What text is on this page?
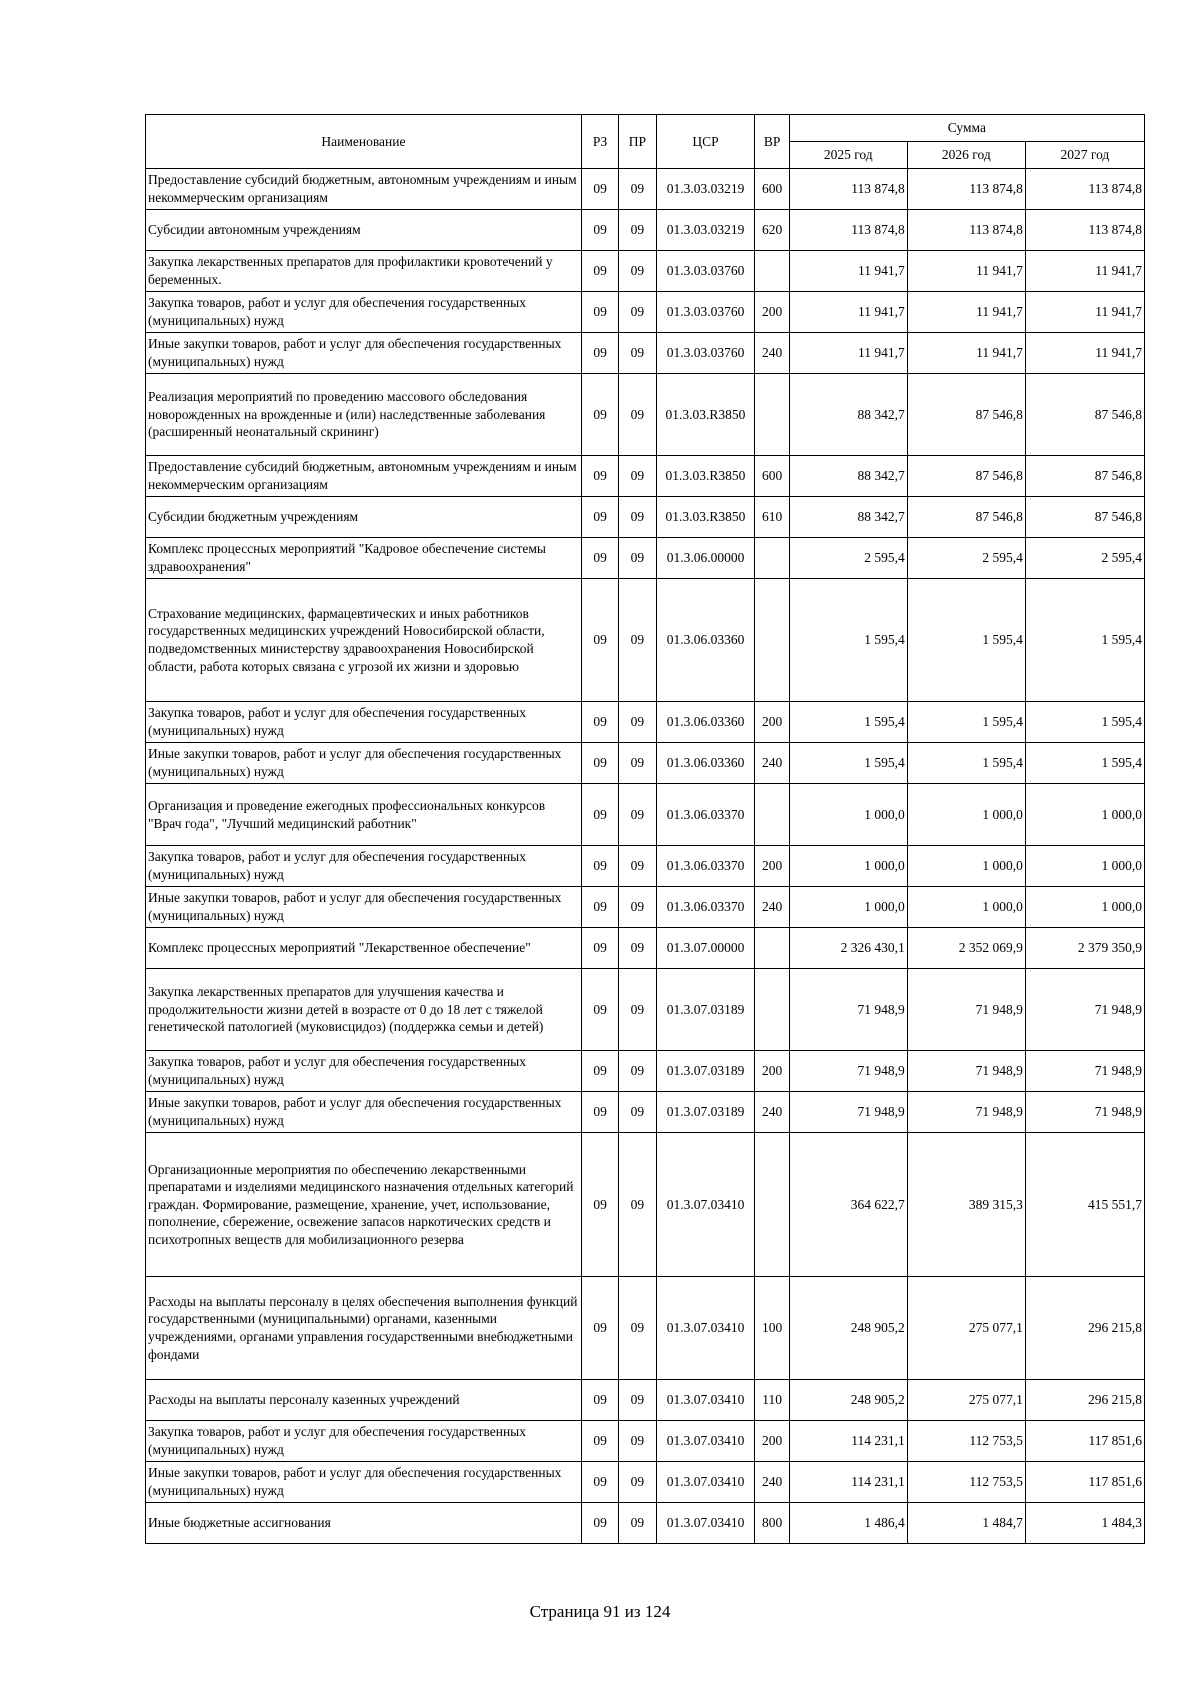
Наименование	РЗ	ПР	ЦСР	ВР	Сумма		
					2025 год	2026 год	2027 год
Предоставление субсидий бюджетным, автономным учреждениям и иным некоммерческим организациям	09	09	01.3.03.03219	600	113 874,8	113 874,8	113 874,8
Субсидии автономным учреждениям	09	09	01.3.03.03219	620	113 874,8	113 874,8	113 874,8
Закупка лекарственных препаратов для профилактики кровотечений у беременных.	09	09	01.3.03.03760		11 941,7	11 941,7	11 941,7
Закупка товаров, работ и услуг для обеспечения государственных (муниципальных) нужд	09	09	01.3.03.03760	200	11 941,7	11 941,7	11 941,7
Иные закупки товаров, работ и услуг для обеспечения государственных (муниципальных) нужд	09	09	01.3.03.03760	240	11 941,7	11 941,7	11 941,7
Реализация мероприятий по проведению массового обследования новорожденных на врожденные и (или) наследственные заболевания (расширенный неонатальный скрининг)	09	09	01.3.03.R3850		88 342,7	87 546,8	87 546,8
Предоставление субсидий бюджетным, автономным учреждениям и иным некоммерческим организациям	09	09	01.3.03.R3850	600	88 342,7	87 546,8	87 546,8
Субсидии бюджетным учреждениям	09	09	01.3.03.R3850	610	88 342,7	87 546,8	87 546,8
Комплекс процессных мероприятий "Кадровое обеспечение системы здравоохранения"	09	09	01.3.06.00000		2 595,4	2 595,4	2 595,4
Страхование медицинских, фармацевтических и иных работников государственных медицинских учреждений Новосибирской области, подведомственных министерству здравоохранения Новосибирской области, работа которых связана с угрозой их жизни и здоровью	09	09	01.3.06.03360		1 595,4	1 595,4	1 595,4
Закупка товаров, работ и услуг для обеспечения государственных (муниципальных) нужд	09	09	01.3.06.03360	200	1 595,4	1 595,4	1 595,4
Иные закупки товаров, работ и услуг для обеспечения государственных (муниципальных) нужд	09	09	01.3.06.03360	240	1 595,4	1 595,4	1 595,4
Организация и проведение ежегодных профессиональных конкурсов "Врач года", "Лучший медицинский работник"	09	09	01.3.06.03370		1 000,0	1 000,0	1 000,0
Закупка товаров, работ и услуг для обеспечения государственных (муниципальных) нужд	09	09	01.3.06.03370	200	1 000,0	1 000,0	1 000,0
Иные закупки товаров, работ и услуг для обеспечения государственных (муниципальных) нужд	09	09	01.3.06.03370	240	1 000,0	1 000,0	1 000,0
Комплекс процессных мероприятий "Лекарственное обеспечение"	09	09	01.3.07.00000		2 326 430,1	2 352 069,9	2 379 350,9
Закупка лекарственных препаратов для улучшения качества и продолжительности жизни детей в возрасте от 0 до 18 лет с тяжелой генетической патологией (муковисцидоз) (поддержка семьи и детей)	09	09	01.3.07.03189		71 948,9	71 948,9	71 948,9
Закупка товаров, работ и услуг для обеспечения государственных (муниципальных) нужд	09	09	01.3.07.03189	200	71 948,9	71 948,9	71 948,9
Иные закупки товаров, работ и услуг для обеспечения государственных (муниципальных) нужд	09	09	01.3.07.03189	240	71 948,9	71 948,9	71 948,9
Организационные мероприятия по обеспечению лекарственными препаратами и изделиями медицинского назначения отдельных категорий граждан. Формирование, размещение, хранение, учет, использование, пополнение, сбережение, освежение запасов наркотических средств и психотропных веществ для мобилизационного резерва	09	09	01.3.07.03410		364 622,7	389 315,3	415 551,7
Расходы на выплаты персоналу в целях обеспечения выполнения функций государственными (муниципальными) органами, казенными учреждениями, органами управления государственными внебюджетными фондами	09	09	01.3.07.03410	100	248 905,2	275 077,1	296 215,8
Расходы на выплаты персоналу казенных учреждений	09	09	01.3.07.03410	110	248 905,2	275 077,1	296 215,8
Закупка товаров, работ и услуг для обеспечения государственных (муниципальных) нужд	09	09	01.3.07.03410	200	114 231,1	112 753,5	117 851,6
Иные закупки товаров, работ и услуг для обеспечения государственных (муниципальных) нужд	09	09	01.3.07.03410	240	114 231,1	112 753,5	117 851,6
Иные бюджетные ассигнования	09	09	01.3.07.03410	800	1 486,4	1 484,7	1 484,3
Страница 91 из 124
